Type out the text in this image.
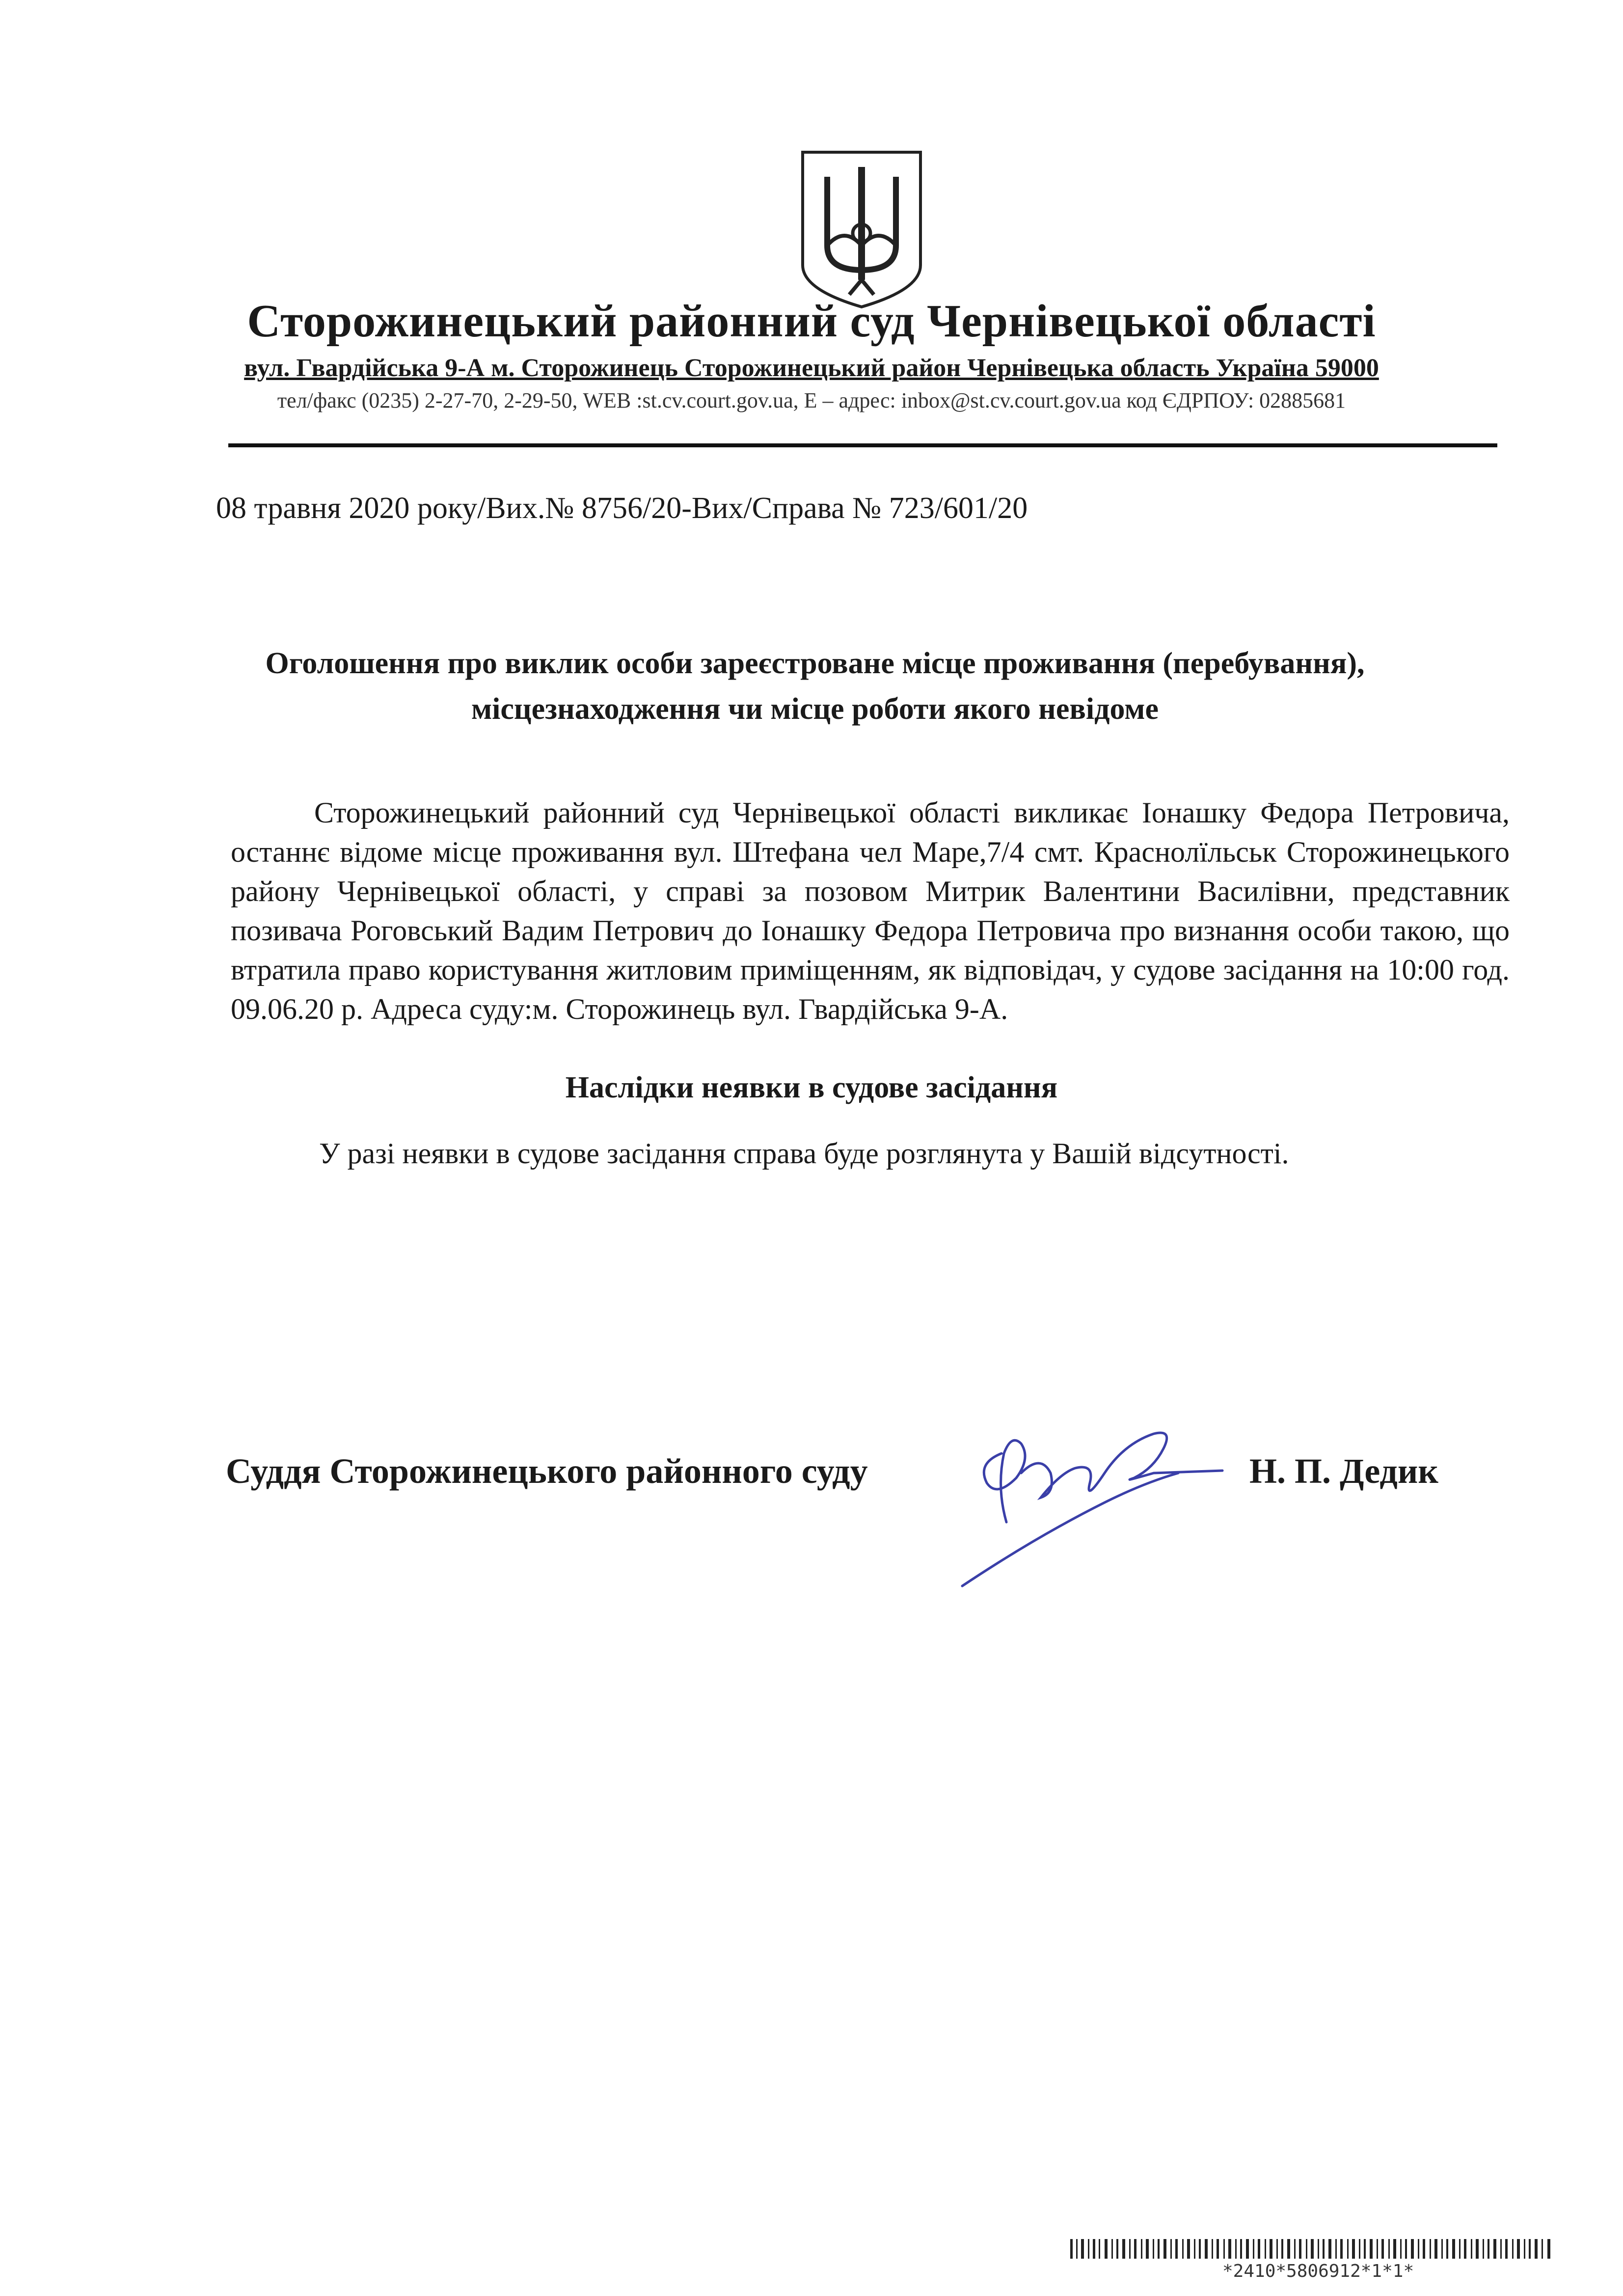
Сторожинецький районний суд Чернівецької області
вул. Гвардійська 9-А м. Сторожинець Сторожинецький район Чернівецька область Україна 59000
тел/факс (0235) 2-27-70, 2-29-50, WEB :st.cv.court.gov.ua, Е – адрес: inbox@st.cv.court.gov.ua код ЄДРПОУ: 02885681
08 травня 2020 року/Вих.№ 8756/20-Вих/Справа № 723/601/20
Оголошення про виклик особи зареєстроване місце проживання (перебування),
місцезнаходження чи місце роботи якого невідоме
Сторожинецький районний суд Чернівецької області викликає Іонашку Федора Петровича, останнє відоме місце проживання вул. Штефана чел Маре,7/4 смт. Краснолїльськ Сторожинецького району Чернівецької області, у справі за позовом Митрик Валентини Василівни, представник позивача Роговський Вадим Петрович до Іонашку Федора Петровича про визнання особи такою, що втратила право користування житловим приміщенням, як відповідач, у судове засідання на 10:00 год. 09.06.20 р. Адреса суду:м. Сторожинець вул. Гвардійська 9-А.
Наслідки неявки в судове засідання
У разі неявки в судове засідання справа буде розглянута у Вашій відсутності.
Суддя Сторожинецького районного суду	Н. П. Дедик
*2410*5806912*1*1*
